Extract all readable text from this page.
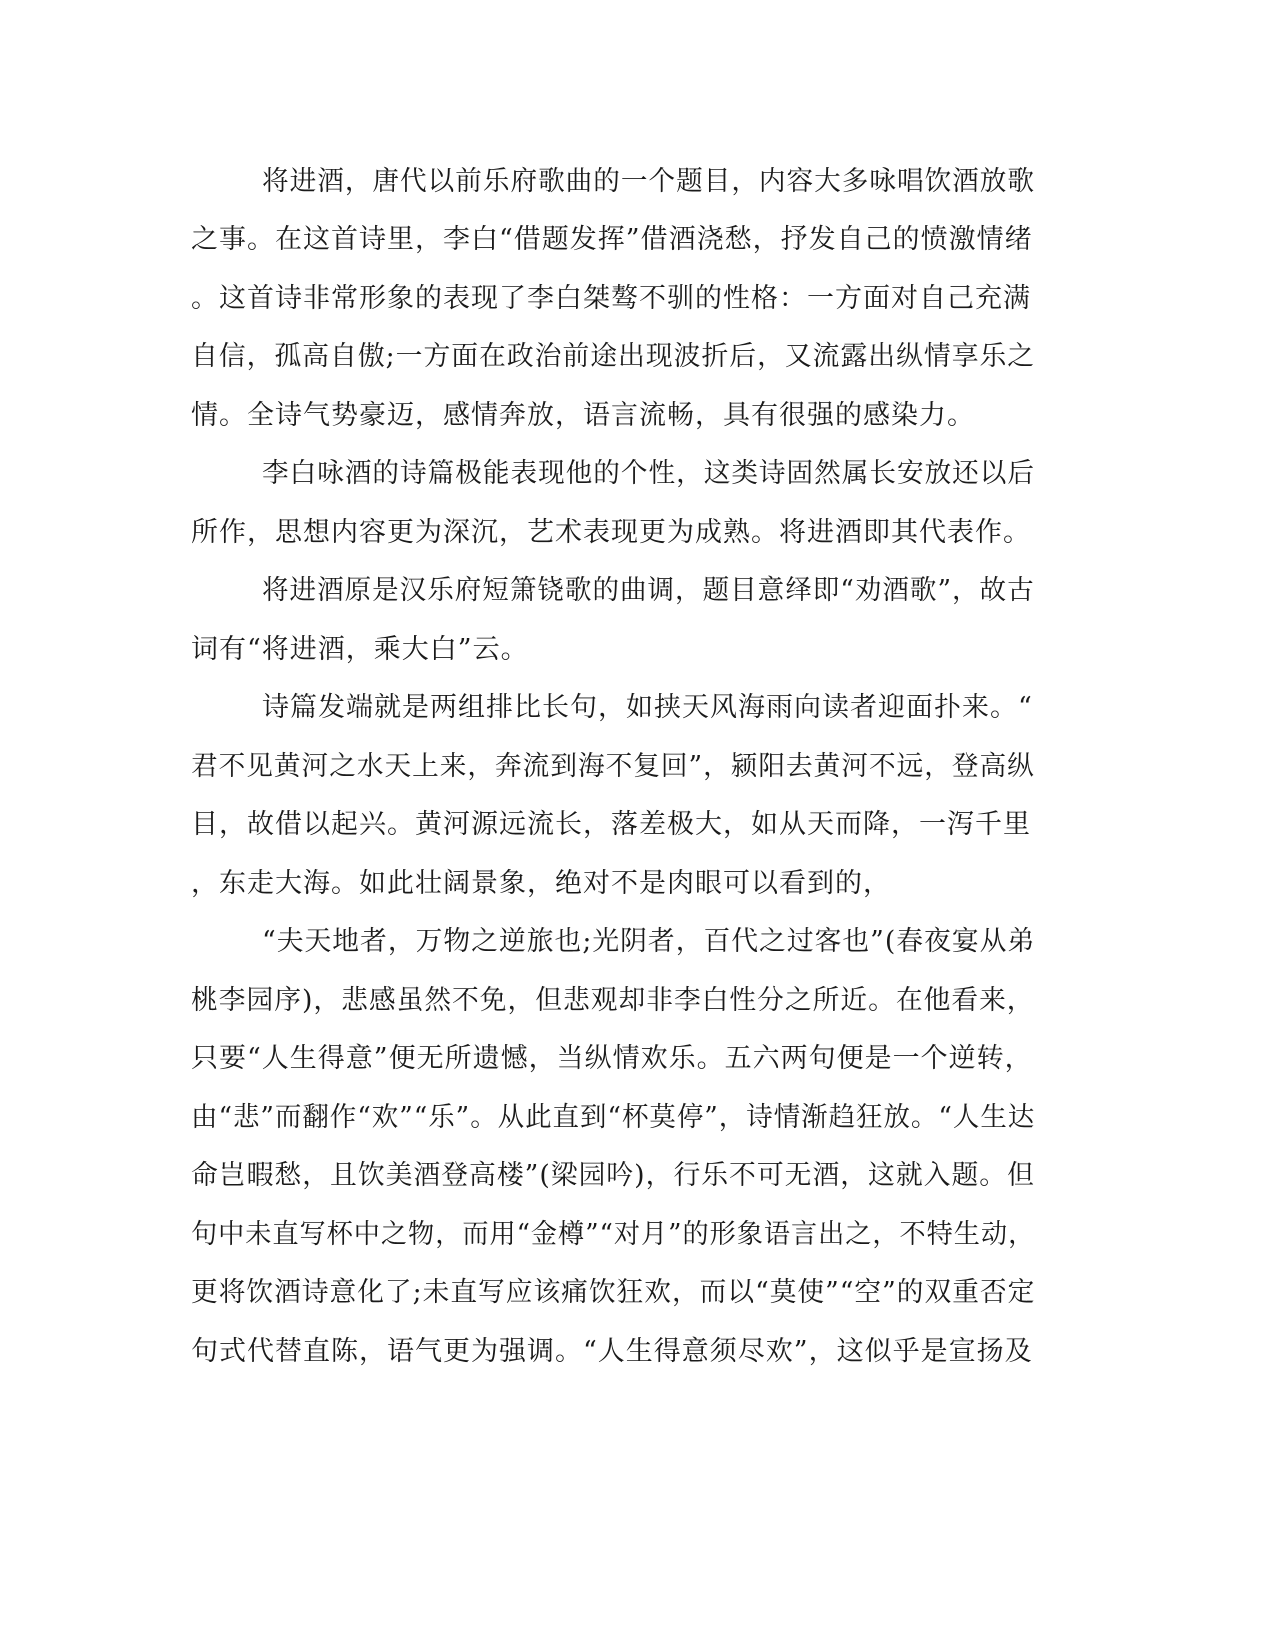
将进酒，唐代以前乐府歌曲的一个题目，内容大多咏唱饮酒放歌
之事。在这首诗里，李白“借题发挥”借酒浇愁，抒发自己的愤激情绪
。这首诗非常形象的表现了李白桀骜不驯的性格：一方面对自己充满
自信，孤高自傲;一方面在政治前途出现波折后，又流露出纵情享乐之
情。全诗气势豪迈，感情奔放，语言流畅，具有很强的感染力。
李白咏酒的诗篇极能表现他的个性，这类诗固然属长安放还以后
所作，思想内容更为深沉，艺术表现更为成熟。将进酒即其代表作。
将进酒原是汉乐府短箫铙歌的曲调，题目意绎即“劝酒歌”，故古
词有“将进酒，乘大白”云。
诗篇发端就是两组排比长句，如挟天风海雨向读者迎面扑来。“
君不见黄河之水天上来，奔流到海不复回”，颍阳去黄河不远，登高纵
目，故借以起兴。黄河源远流长，落差极大，如从天而降，一泻千里
，东走大海。如此壮阔景象，绝对不是肉眼可以看到的，
“夫天地者，万物之逆旅也;光阴者，百代之过客也”(春夜宴从弟
桃李园序)，悲感虽然不免，但悲观却非李白性分之所近。在他看来，
只要“人生得意”便无所遗憾，当纵情欢乐。五六两句便是一个逆转，
由“悲”而翻作“欢”“乐”。从此直到“杯莫停”，诗情渐趋狂放。“人生达
命岂暇愁，且饮美酒登高楼”(梁园吟)，行乐不可无酒，这就入题。但
句中未直写杯中之物，而用“金樽”“对月”的形象语言出之，不特生动，
更将饮酒诗意化了;未直写应该痛饮狂欢，而以“莫使”“空”的双重否定
句式代替直陈，语气更为强调。“人生得意须尽欢”，这似乎是宣扬及
